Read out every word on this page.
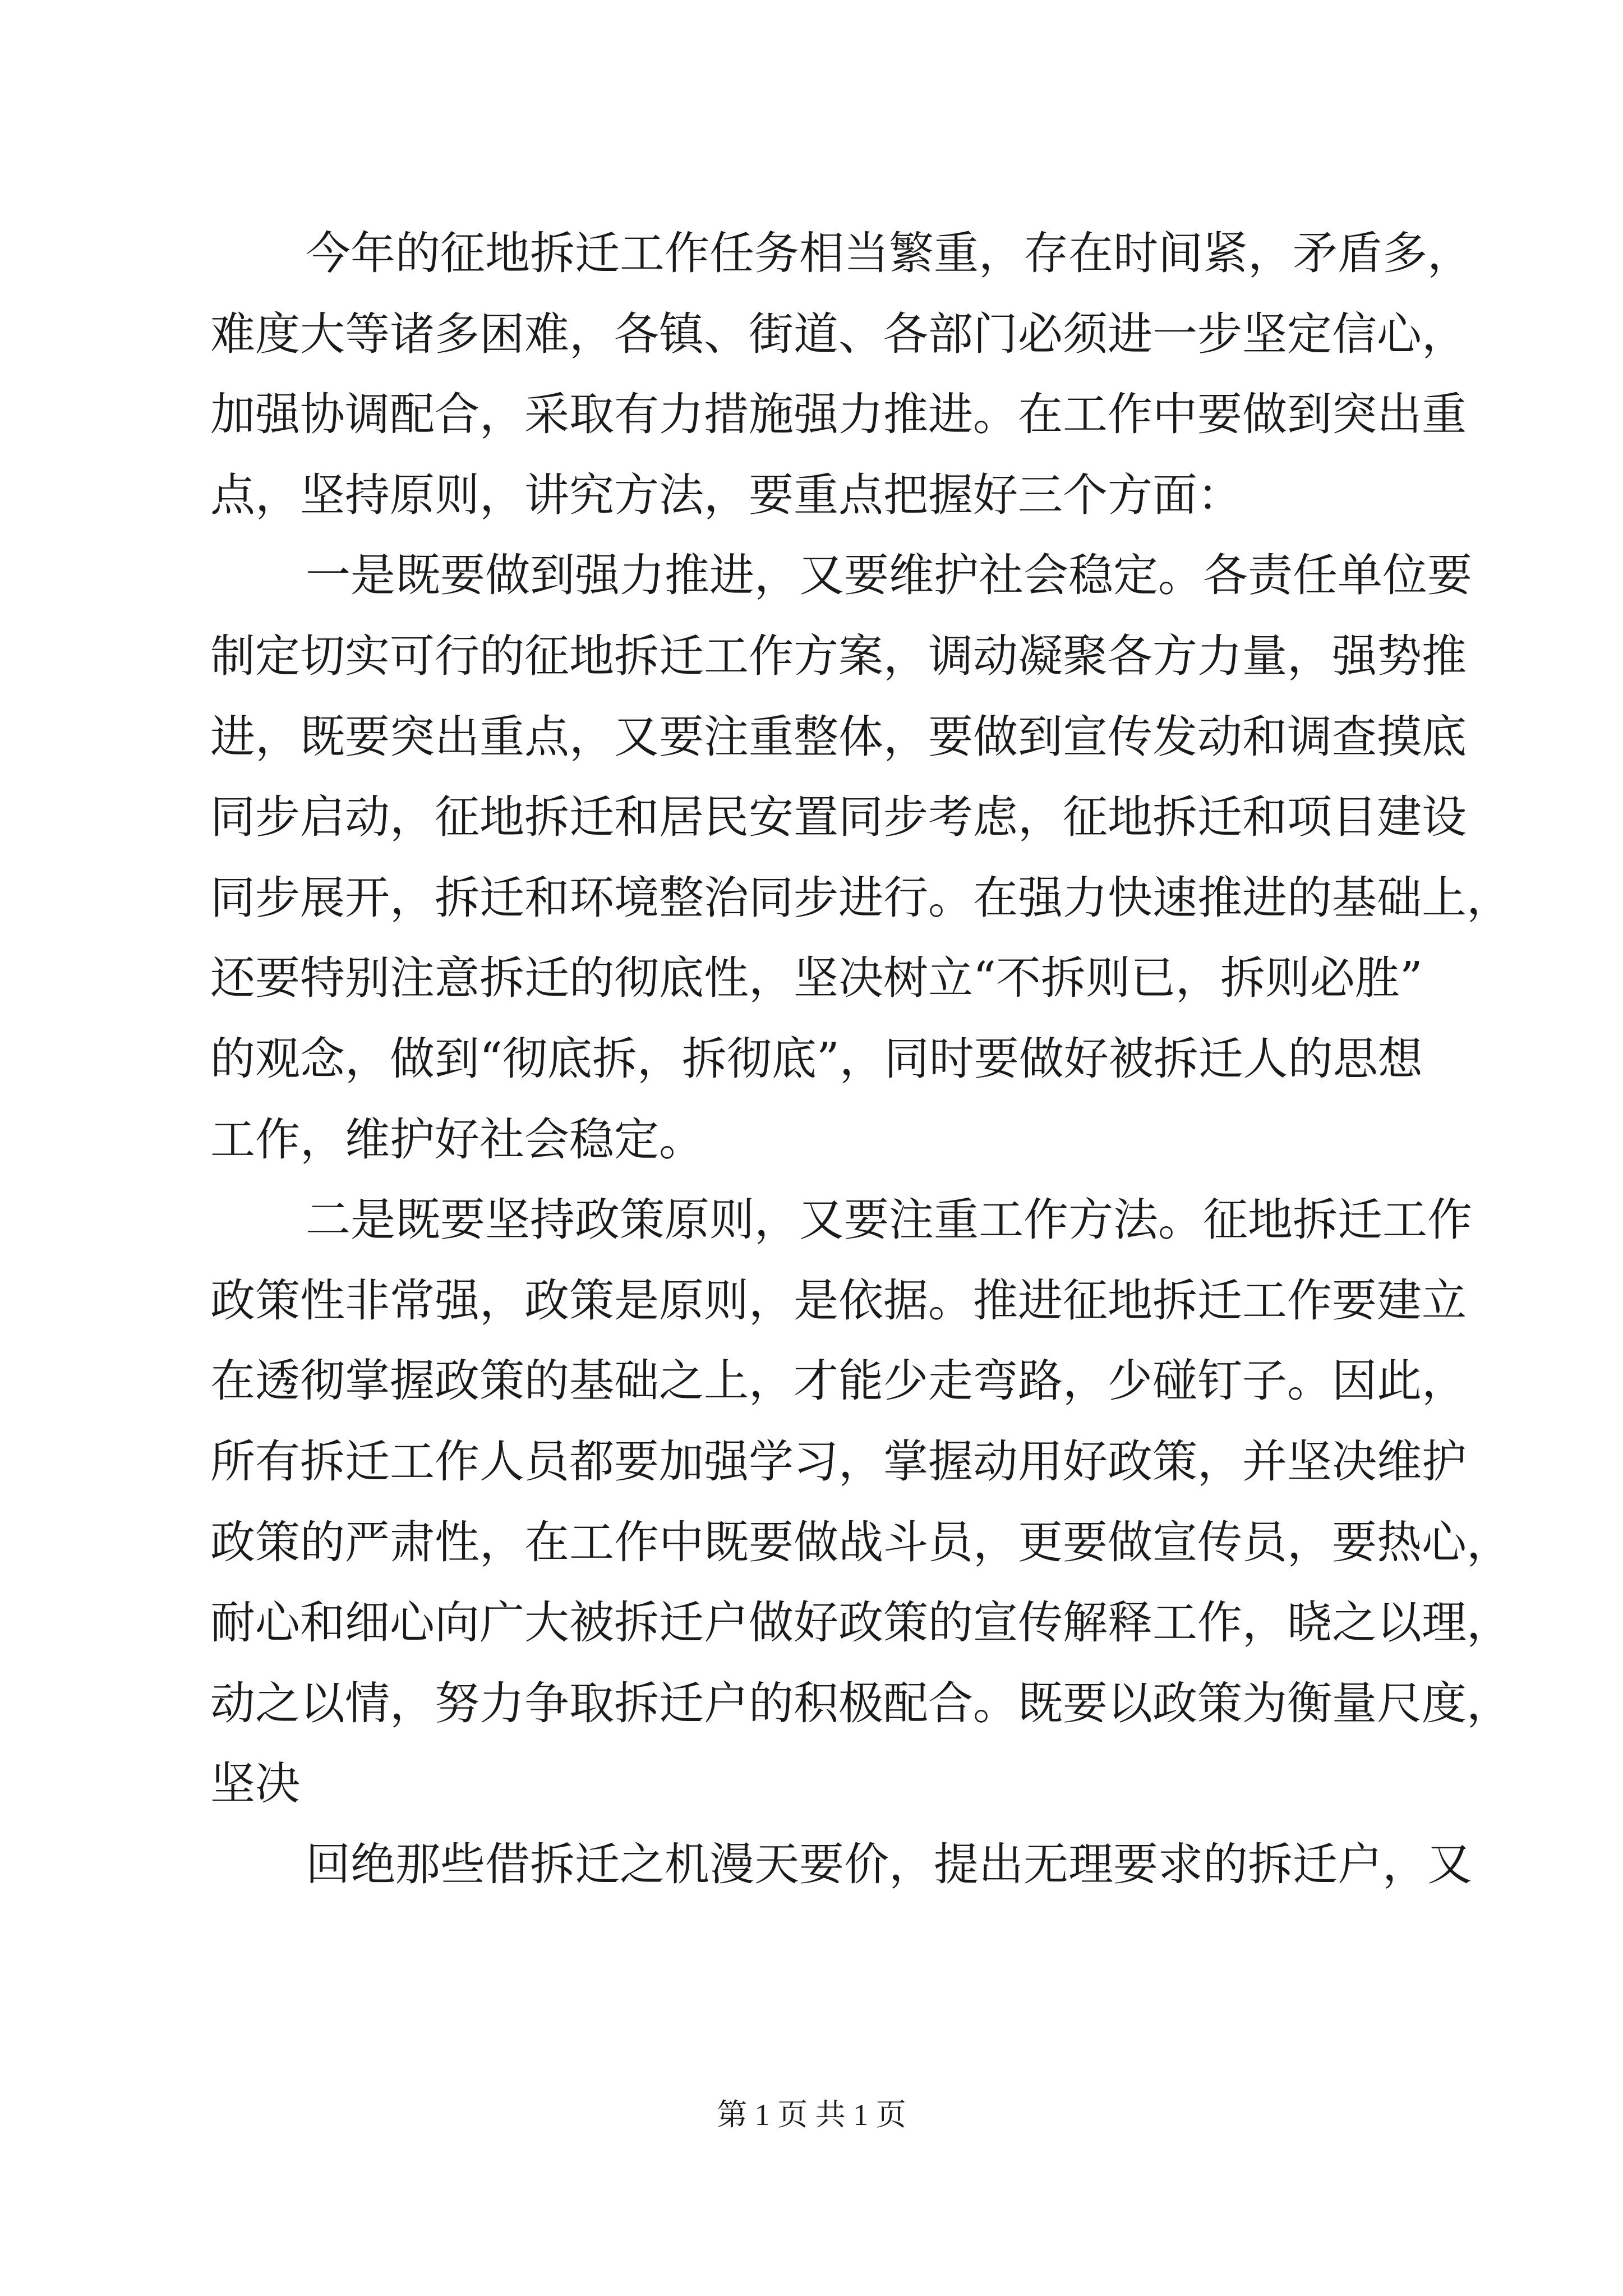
今年的征地拆迁工作任务相当繁重，存在时间紧，矛盾多，
难度大等诸多困难，各镇、街道、各部门必须进一步坚定信心，
加强协调配合，采取有力措施强力推进。在工作中要做到突出重
点，坚持原则，讲究方法，要重点把握好三个方面：
一是既要做到强力推进，又要维护社会稳定。各责任单位要
制定切实可行的征地拆迁工作方案，调动凝聚各方力量，强势推
进，既要突出重点，又要注重整体，要做到宣传发动和调查摸底
同步启动，征地拆迁和居民安置同步考虑，征地拆迁和项目建设
同步展开，拆迁和环境整治同步进行。在强力快速推进的基础上，
还要特别注意拆迁的彻底性，坚决树立“不拆则已，拆则必胜”
的观念，做到“彻底拆，拆彻底”，同时要做好被拆迁人的思想
工作，维护好社会稳定。
二是既要坚持政策原则，又要注重工作方法。征地拆迁工作
政策性非常强，政策是原则，是依据。推进征地拆迁工作要建立
在透彻掌握政策的基础之上，才能少走弯路，少碰钉子。因此，
所有拆迁工作人员都要加强学习，掌握动用好政策，并坚决维护
政策的严肃性，在工作中既要做战斗员，更要做宣传员，要热心，
耐心和细心向广大被拆迁户做好政策的宣传解释工作，晓之以理，
动之以情，努力争取拆迁户的积极配合。既要以政策为衡量尺度，
坚决
回绝那些借拆迁之机漫天要价，提出无理要求的拆迁户，又
第 1 页 共 1 页
